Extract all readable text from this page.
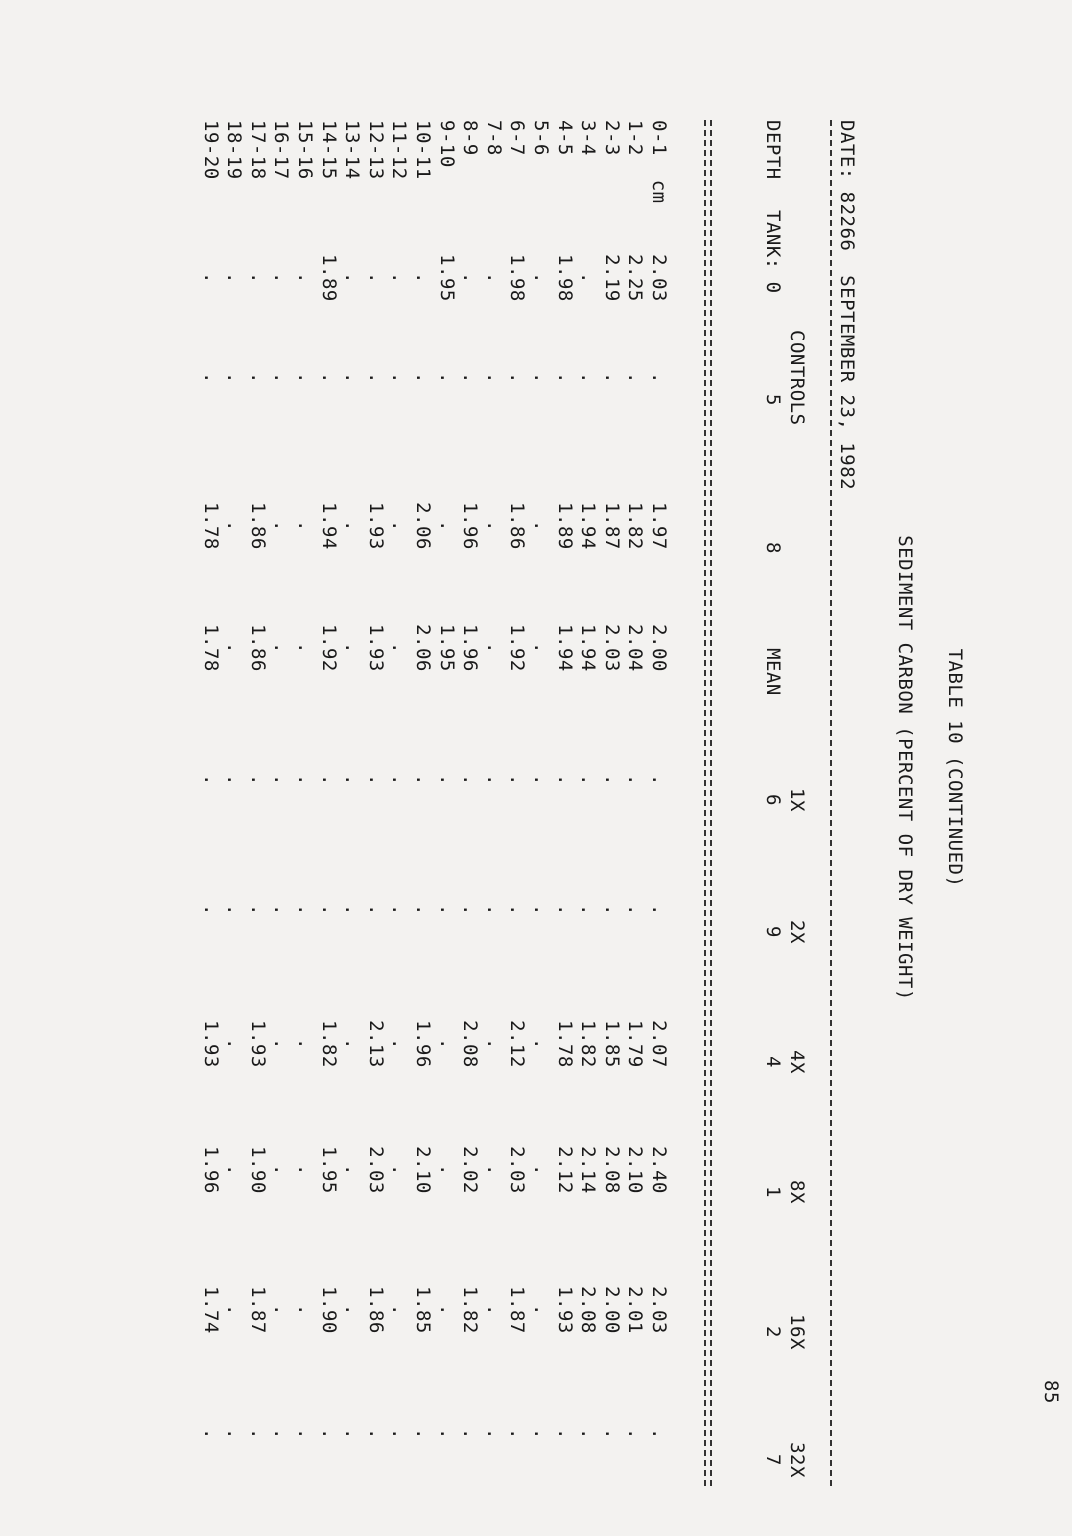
85
TABLE 10 (CONTINUED)
SEDIMENT CARBON (PERCENT OF DRY WEIGHT)
DATE: 82266  SEPTEMBER 23, 1982
CONTROLS
DEPTH
TANK: 0
5
8
MEAN
1X
6
2X
9
4X
4
8X
1
16X
2
32X
7
0-1  cm
2.03
.
1.97
2.00
.
.
2.07
2.40
2.03
.
1-2
2.25
.
1.82
2.04
.
.
1.79
2.10
2.01
.
2-3
2.19
.
1.87
2.03
.
.
1.85
2.08
2.00
.
3-4
.
.
1.94
1.94
.
.
1.82
2.14
2.08
.
4-5
1.98
.
1.89
1.94
.
.
1.78
2.12
1.93
.
5-6
.
.
.
.
.
.
.
.
.
.
6-7
1.98
.
1.86
1.92
.
.
2.12
2.03
1.87
.
7-8
.
.
.
.
.
.
.
.
.
.
8-9
.
.
1.96
1.96
.
.
2.08
2.02
1.82
.
9-10
1.95
.
.
1.95
.
.
.
.
.
.
10-11
.
.
2.06
2.06
.
.
1.96
2.10
1.85
.
11-12
.
.
.
.
.
.
.
.
.
.
12-13
.
.
1.93
1.93
.
.
2.13
2.03
1.86
.
13-14
.
.
.
.
.
.
.
.
.
.
14-15
1.89
.
1.94
1.92
.
.
1.82
1.95
1.90
.
15-16
.
.
.
.
.
.
.
.
.
.
16-17
.
.
.
.
.
.
.
.
.
.
17-18
.
.
1.86
1.86
.
.
1.93
1.90
1.87
.
18-19
.
.
.
.
.
.
.
.
.
.
19-20
.
.
1.78
1.78
.
.
1.93
1.96
1.74
.
